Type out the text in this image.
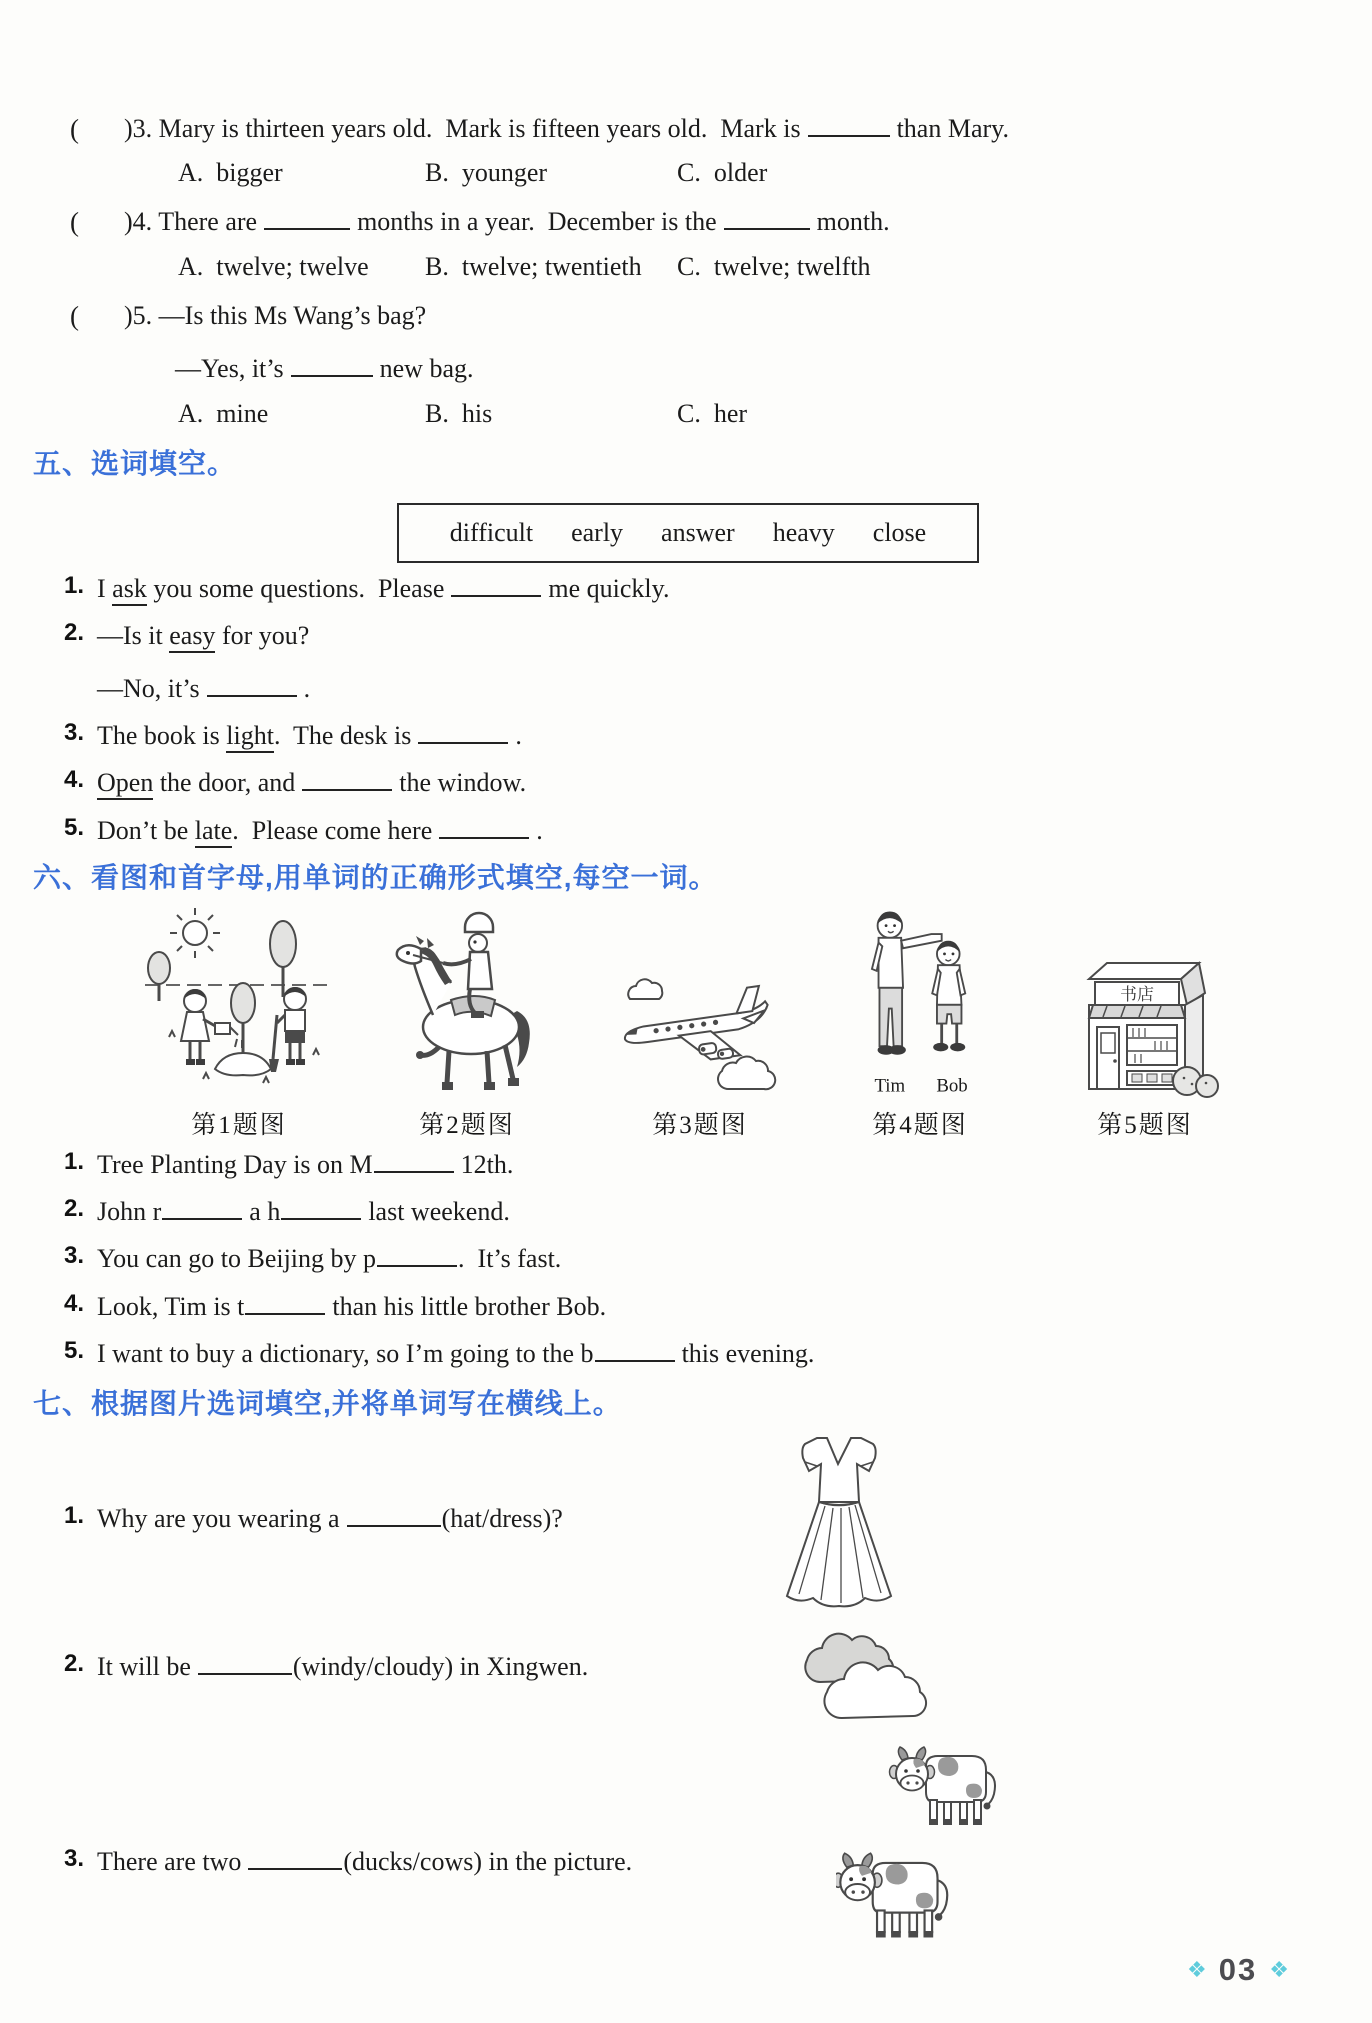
( )3. Mary is thirteen years old.  Mark is fifteen years old.  Mark is	than Mary.
A.  bigger	B.  younger	C.  older
( )4. There are	months in a year.  December is the	month.
A.  twelve; twelve B.  twelve; twentieth C.  twelve; twelfth
( )5. —Is this Ms Wang’s bag?
—Yes, it’s	new bag.
A.  mine	B.  his	C.  her
五、选词填空。
difficult early answer heavy close
1. I ask you some questions.  Please	me quickly.
2. —Is it easy for you?
—No, it’s	.
3. The book is light.  The desk is	.
4. Open the door, and	the window.
5. Don’t be late.  Please come here	.
六、看图和首字母,用单词的正确形式填空,每空一词。
第1题图	第2题图	第3题图
Tim Bob
第4题图
书店
第5题图
1. Tree Planting Day is on M	12th.
2. John r	a h	last weekend.
3. You can go to Beijing by p	.  It’s fast.
4. Look, Tim is t	than his little brother Bob.
5. I want to buy a dictionary, so I’m going to the b	this evening.
七、根据图片选词填空,并将单词写在横线上。
1. Why are you wearing a	(hat/dress)?
2. It will be	(windy/cloudy) in Xingwen.
3. There are two	(ducks/cows) in the picture.
❖ 03 ❖
